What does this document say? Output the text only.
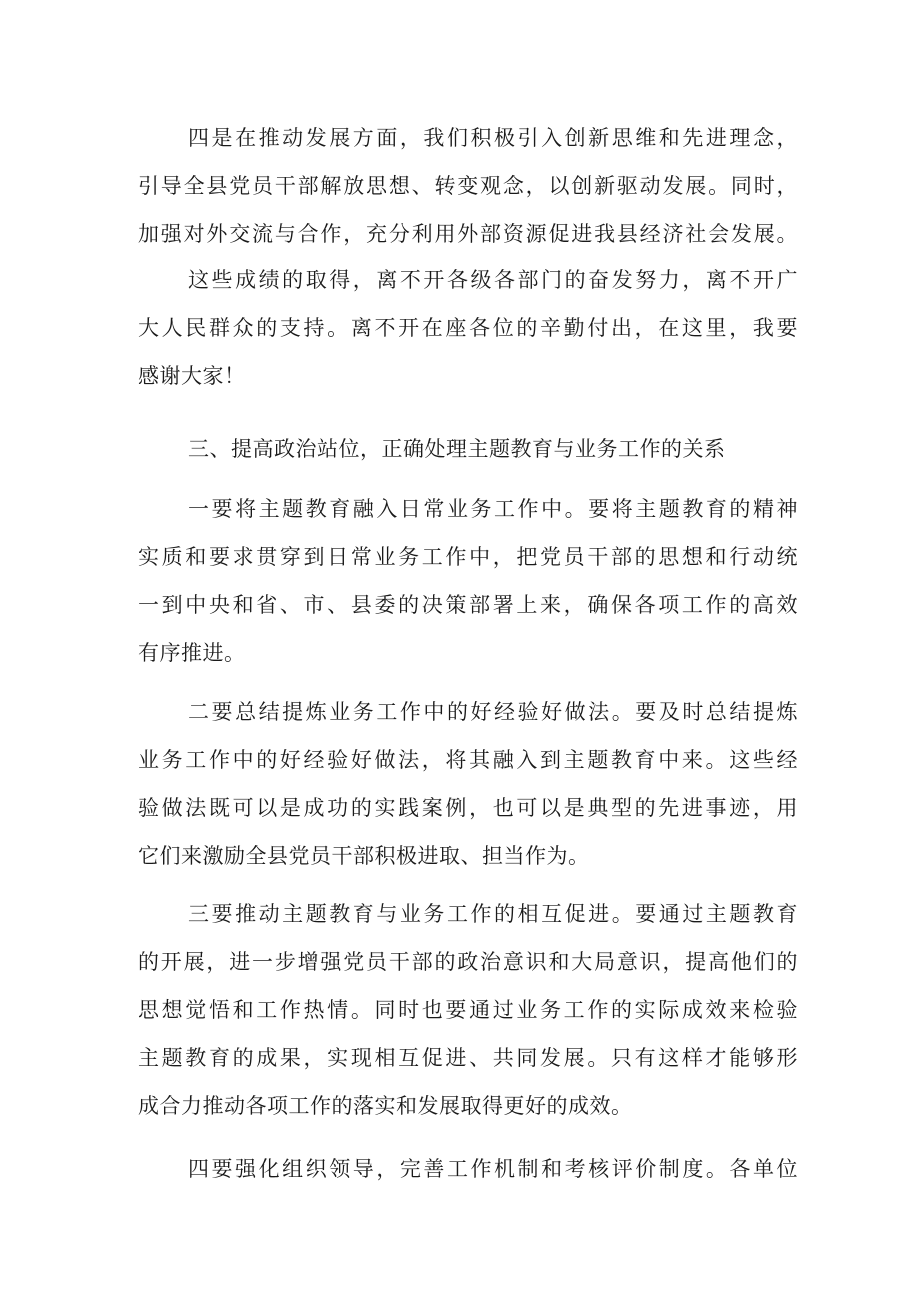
四是在推动发展方面，我们积极引入创新思维和先进理念，
引导全县党员干部解放思想、转变观念，以创新驱动发展。同时，
加强对外交流与合作，充分利用外部资源促进我县经济社会发展。
这些成绩的取得，离不开各级各部门的奋发努力，离不开广
大人民群众的支持。离不开在座各位的辛勤付出，在这里，我要
感谢大家！
三、提高政治站位，正确处理主题教育与业务工作的关系
一要将主题教育融入日常业务工作中。要将主题教育的精神
实质和要求贯穿到日常业务工作中，把党员干部的思想和行动统
一到中央和省、市、县委的决策部署上来，确保各项工作的高效
有序推进。
二要总结提炼业务工作中的好经验好做法。要及时总结提炼
业务工作中的好经验好做法，将其融入到主题教育中来。这些经
验做法既可以是成功的实践案例，也可以是典型的先进事迹，用
它们来激励全县党员干部积极进取、担当作为。
三要推动主题教育与业务工作的相互促进。要通过主题教育
的开展，进一步增强党员干部的政治意识和大局意识，提高他们的
思想觉悟和工作热情。同时也要通过业务工作的实际成效来检验
主题教育的成果，实现相互促进、共同发展。只有这样才能够形
成合力推动各项工作的落实和发展取得更好的成效。
四要强化组织领导，完善工作机制和考核评价制度。各单位
